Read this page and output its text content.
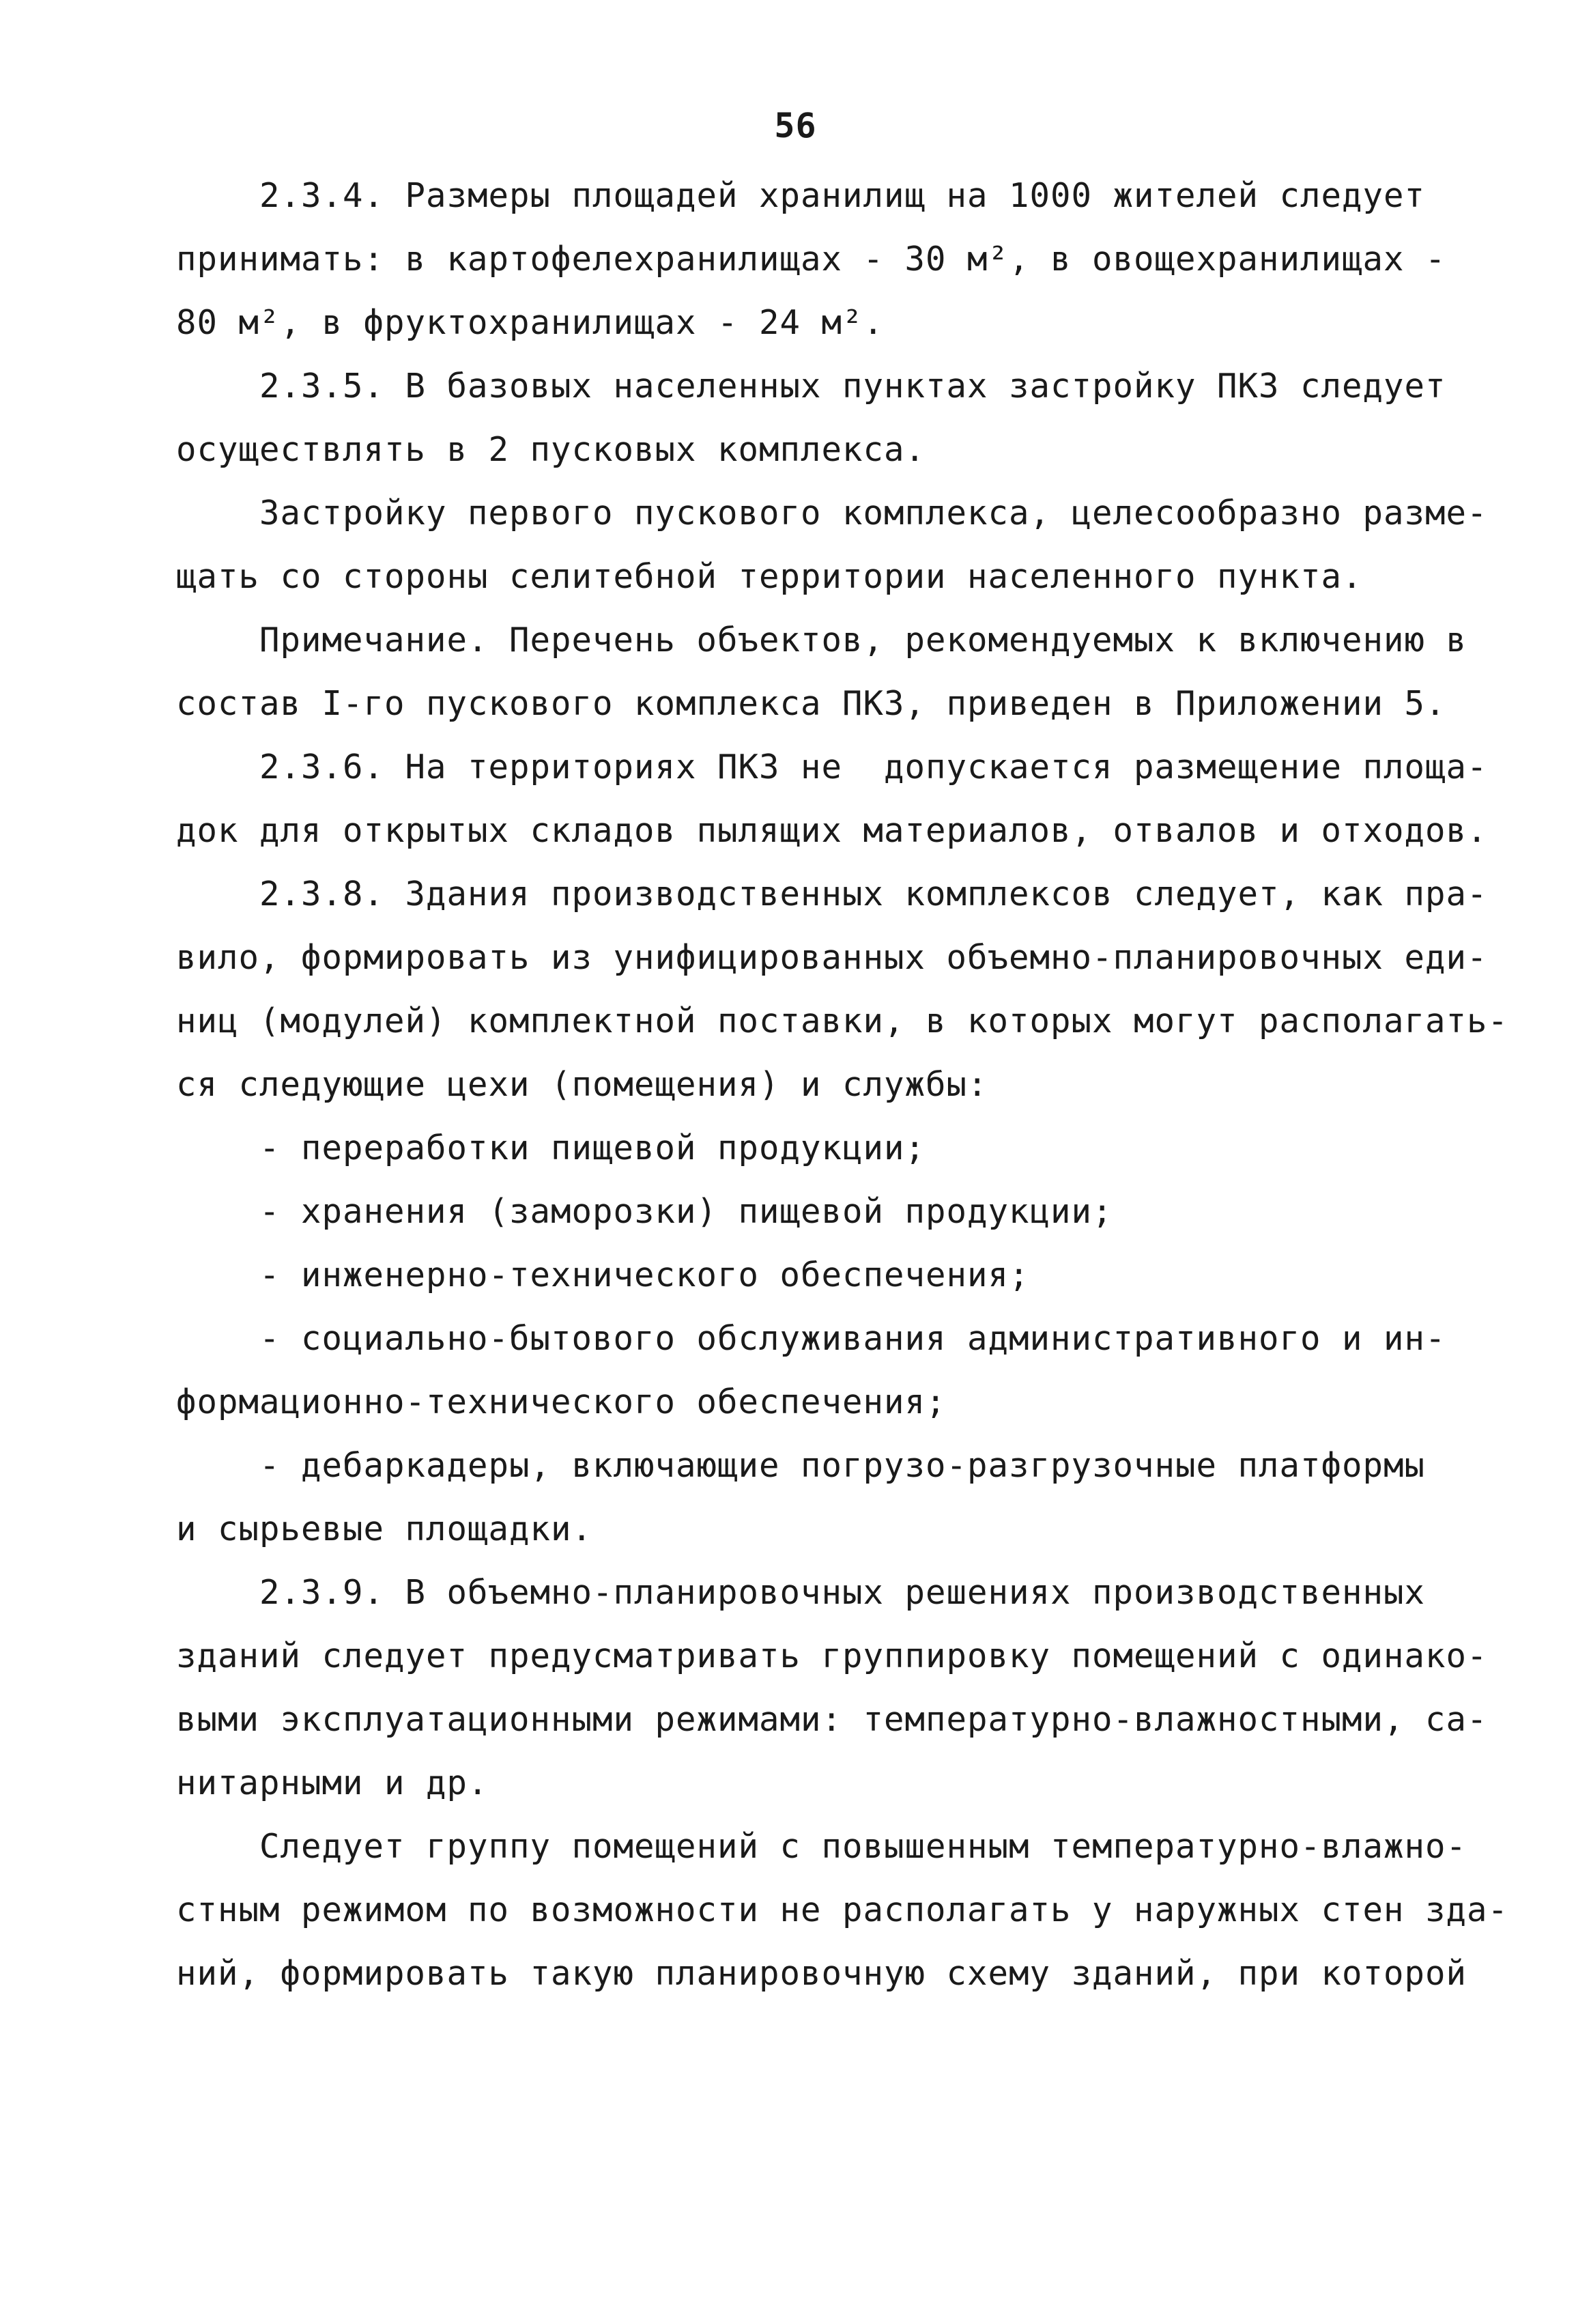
56
2.3.4. Размеры площадей хранилищ на 1000 жителей следует
принимать: в картофелехранилищах - 30 м², в овощехранилищах -
80 м², в фруктохранилищах - 24 м².
2.3.5. В базовых населенных пунктах застройку ПКЗ следует
осуществлять в 2 пусковых комплекса.
Застройку первого пускового комплекса, целесообразно разме-
щать со стороны селитебной территории населенного пункта.
Примечание. Перечень объектов, рекомендуемых к включению в
состав I-го пускового комплекса ПКЗ, приведен в Приложении 5.
2.3.6. На территориях ПКЗ не  допускается размещение площа-
док для открытых складов пылящих материалов, отвалов и отходов.
2.3.8. Здания производственных комплексов следует, как пра-
вило, формировать из унифицированных объемно-планировочных еди-
ниц (модулей) комплектной поставки, в которых могут располагать-
ся следующие цехи (помещения) и службы:
- переработки пищевой продукции;
- хранения (заморозки) пищевой продукции;
- инженерно-технического обеспечения;
- социально-бытового обслуживания административного и ин-
формационно-технического обеспечения;
- дебаркадеры, включающие погрузо-разгрузочные платформы
и сырьевые площадки.
2.3.9. В объемно-планировочных решениях производственных
зданий следует предусматривать группировку помещений с одинако-
выми эксплуатационными режимами: температурно-влажностными, са-
нитарными и др.
Следует группу помещений с повышенным температурно-влажно-
стным режимом по возможности не располагать у наружных стен зда-
ний, формировать такую планировочную схему зданий, при которой
